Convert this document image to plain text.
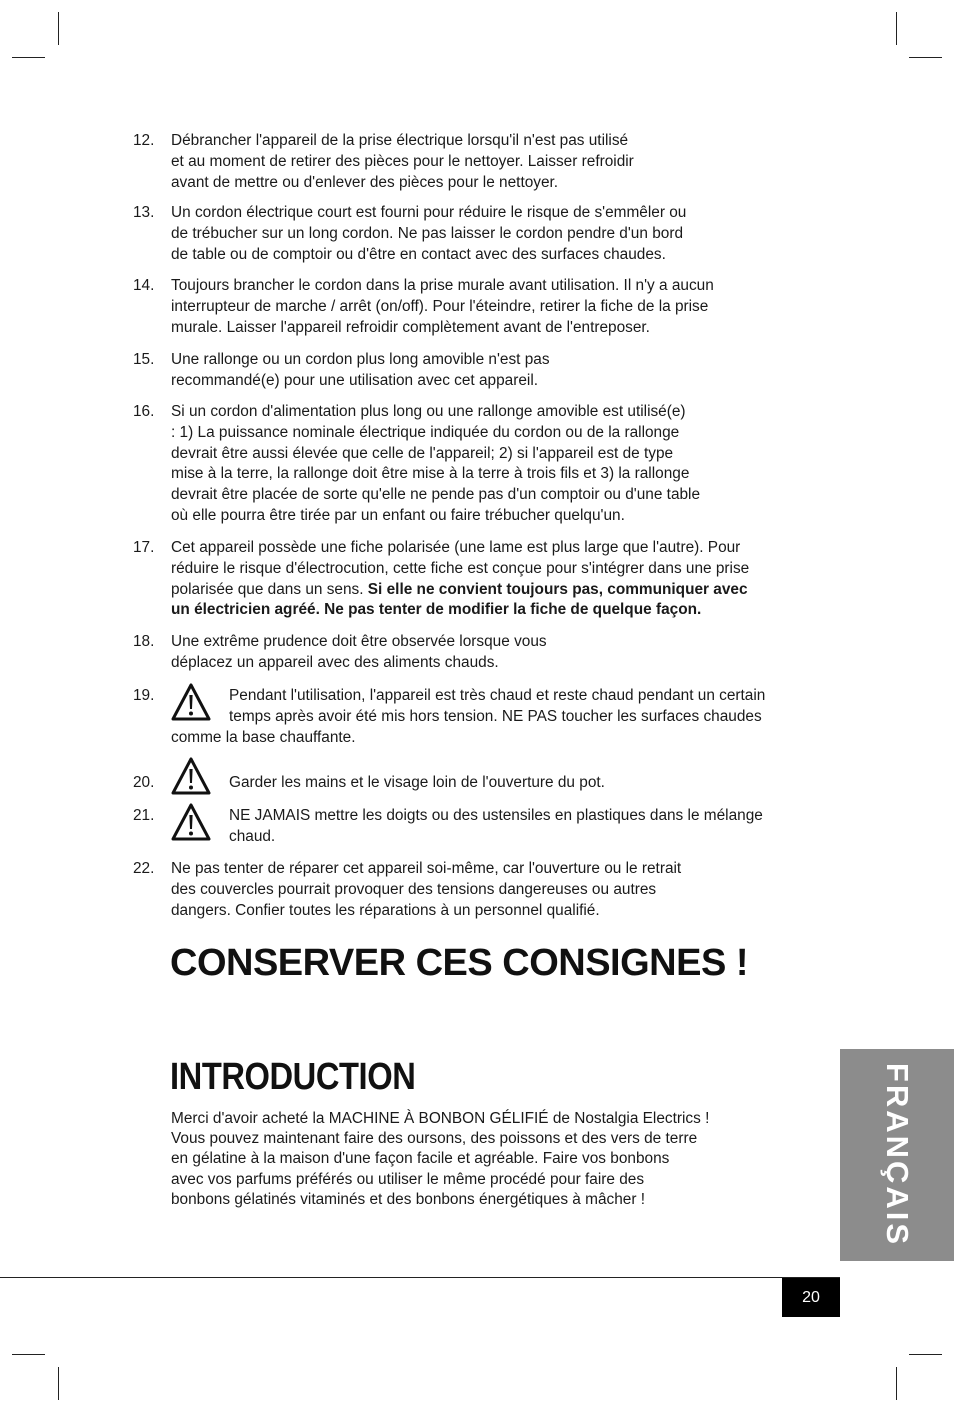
12.	Débrancher l'appareil de la prise électrique lorsqu'il n'est pas utilisé
et au moment de retirer des pièces pour le nettoyer. Laisser refroidir
avant de mettre ou d'enlever des pièces pour le nettoyer.
13.	Un cordon électrique court est fourni pour réduire le risque de s'emmêler ou
de trébucher sur un long cordon. Ne pas laisser le cordon pendre d'un bord
de table ou de comptoir ou d'être en contact avec des surfaces chaudes.
14.	Toujours brancher le cordon dans la prise murale avant utilisation. Il n'y a aucun
interrupteur de marche / arrêt (on/off). Pour l'éteindre, retirer la fiche de la prise
murale. Laisser l'appareil refroidir complètement avant de l'entreposer.
15.	Une rallonge ou un cordon plus long amovible n'est pas
recommandé(e) pour une utilisation avec cet appareil.
16.	Si un cordon d'alimentation plus long ou une rallonge amovible est utilisé(e)
: 1) La puissance nominale électrique indiquée du cordon ou de la rallonge
devrait être aussi élevée que celle de l'appareil; 2) si l'appareil est de type
mise à la terre, la rallonge doit être mise à la terre à trois fils et 3) la rallonge
devrait être placée de sorte qu'elle ne pende pas d'un comptoir ou d'une table
où elle pourra être tirée par un enfant ou faire trébucher quelqu'un.
17.	Cet appareil possède une fiche polarisée (une lame est plus large que l'autre). Pour
réduire le risque d'électrocution, cette fiche est conçue pour s'intégrer dans une prise
polarisée que dans un sens. Si elle ne convient toujours pas, communiquer avec
un électricien agréé. Ne pas tenter de modifier la fiche de quelque façon.
18.	Une extrême prudence doit être observée lorsque vous
déplacez un appareil avec des aliments chauds.
19.	Pendant l'utilisation, l'appareil est très chaud et reste chaud pendant un certain
temps après avoir été mis hors tension. NE PAS toucher les surfaces chaudes
comme la base chauffante.
20.	Garder les mains et le visage loin de l'ouverture du pot.
21.	NE JAMAIS mettre les doigts ou des ustensiles en plastiques dans le mélange
chaud.
22.	Ne pas tenter de réparer cet appareil soi-même, car l'ouverture ou le retrait
des couvercles pourrait provoquer des tensions dangereuses ou autres
dangers. Confier toutes les réparations à un personnel qualifié.
CONSERVER CES CONSIGNES !
INTRODUCTION
Merci d'avoir acheté la MACHINE À BONBON GÉLIFIÉ de Nostalgia Electrics !
Vous pouvez maintenant faire des oursons, des poissons et des vers de terre
en gélatine à la maison d'une façon facile et agréable. Faire vos bonbons
avec vos parfums préférés ou utiliser le même procédé pour faire des
bonbons gélatinés vitaminés et des bonbons énergétiques à mâcher !	FRANÇAIS
20
